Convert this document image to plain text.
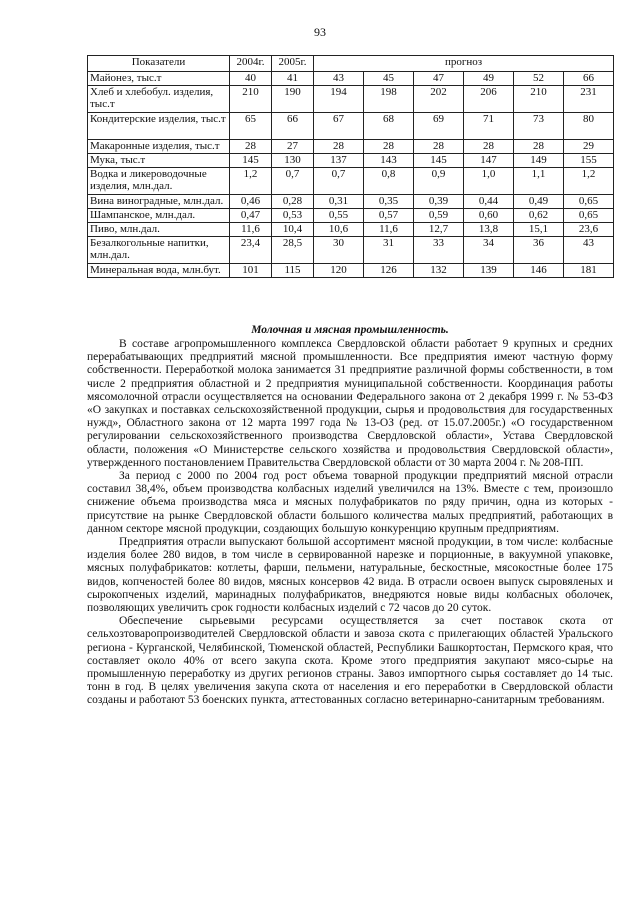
93
Показатели	2004г.	2005г.	прогноз					
Майонез, тыс.т	40	41	43	45	47	49	52	66
Хлеб и хлебобул. изделия, тыс.т	210	190	194	198	202	206	210	231
Кондитерские изделия, тыс.т	65	66	67	68	69	71	73	80
Макаронные изделия, тыс.т	28	27	28	28	28	28	28	29
Мука, тыс.т	145	130	137	143	145	147	149	155
Водка и ликероводочные изделия, млн.дал.	1,2	0,7	0,7	0,8	0,9	1,0	1,1	1,2
Вина виноградные, млн.дал.	0,46	0,28	0,31	0,35	0,39	0,44	0,49	0,65
Шампанское, млн.дал.	0,47	0,53	0,55	0,57	0,59	0,60	0,62	0,65
Пиво, млн.дал.	11,6	10,4	10,6	11,6	12,7	13,8	15,1	23,6
Безалкогольные напитки, млн.дал.	23,4	28,5	30	31	33	34	36	43
Минеральная вода, млн.бут.	101	115	120	126	132	139	146	181
Молочная и мясная промышленность.

В составе агропромышленного комплекса Свердловской области работает 9 крупных и средних перерабатывающих предприятий мясной промышленности. Все предприятия имеют частную форму собственности. Переработкой молока занимается 31 предприятие различной формы собственности, в том числе 2 предприятия областной и 2 предприятия муниципальной собственности. Координация работы мясомолочной отрасли осуществляется на основании Федерального закона от 2 декабря 1999 г. № 53-ФЗ «О закупках и поставках сельскохозяйственной продукции, сырья и продовольствия для государственных нужд», Областного закона от 12 марта 1997 года № 13-ОЗ (ред. от 15.07.2005г.) «О государственном регулировании сельскохозяйственного производства Свердловской области», Устава Свердловской области, положения «О Министерстве сельского хозяйства и продовольствия Свердловской области», утвержденного постановлением Правительства Свердловской области от 30 марта 2004 г. № 208-ПП.

За период с 2000 по 2004 год рост объема товарной продукции предприятий мясной отрасли составил 38,4%, объем производства колбасных изделий увеличился на 13%. Вместе с тем, произошло снижение объема производства мяса и мясных полуфабрикатов по ряду причин, одна из которых - присутствие на рынке Свердловской области большого количества малых предприятий, работающих в данном секторе мясной продукции, создающих большую конкуренцию крупным предприятиям.

Предприятия отрасли выпускают большой ассортимент мясной продукции, в том числе: колбасные изделия более 280 видов, в том числе в сервированной нарезке и порционные, в вакуумной упаковке, мясных полуфабрикатов: котлеты, фарши, пельмени, натуральные, бескостные, мясокостные более 175 видов, копченостей более 80 видов, мясных консервов 42 вида. В отрасли освоен выпуск сыровяленых и сырокопченых изделий, маринадных полуфабрикатов, внедряются новые виды колбасных оболочек, позволяющих увеличить срок годности колбасных изделий с 72 часов до 20 суток.

Обеспечение сырьевыми ресурсами осуществляется за счет поставок скота от сельхозтоваропроизводителей Свердловской области и завоза скота с прилегающих областей Уральского региона - Курганской, Челябинской, Тюменской областей, Республики Башкортостан, Пермского края, что составляет около 40% от всего закупа скота. Кроме этого предприятия закупают мясо-сырье на промышленную переработку из других регионов страны. Завоз импортного сырья составляет до 14 тыс. тонн в год. В целях увеличения закупа скота от населения и его переработки в Свердловской области созданы и работают 53 боенских пункта, аттестованных согласно ветеринарно-санитарным требованиям.
